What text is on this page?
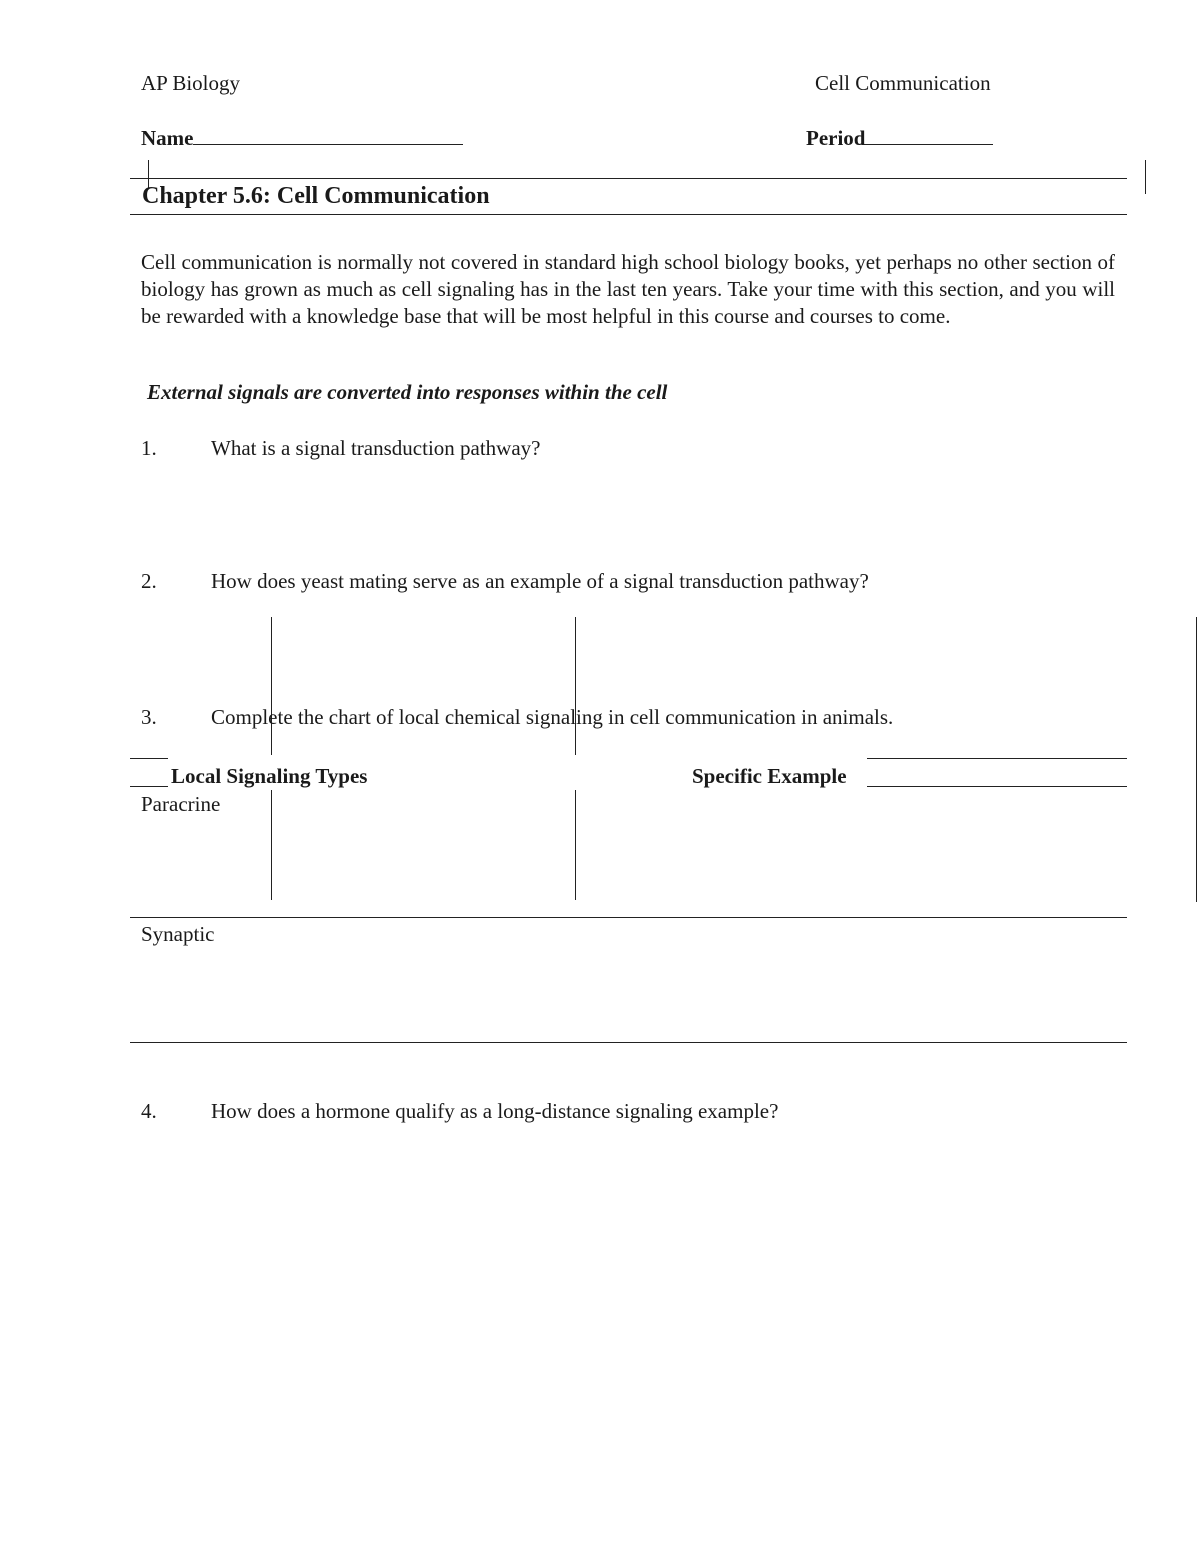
AP Biology	Cell Communication
Name	Period
Chapter 5.6: Cell Communication
Cell communication is normally not covered in standard high school biology books, yet perhaps no other section of biology has grown as much as cell signaling has in the last ten years. Take your time with this section, and you will be rewarded with a knowledge base that will be most helpful in this course and courses to come.
External signals are converted into responses within the cell
1.	What is a signal transduction pathway?
2.	How does yeast mating serve as an example of a signal transduction pathway?
3.	Complete the chart of local chemical signaling in cell communication in animals.
Local Signaling Types	Specific Example
Paracrine
Synaptic
4.	How does a hormone qualify as a long-distance signaling example?
